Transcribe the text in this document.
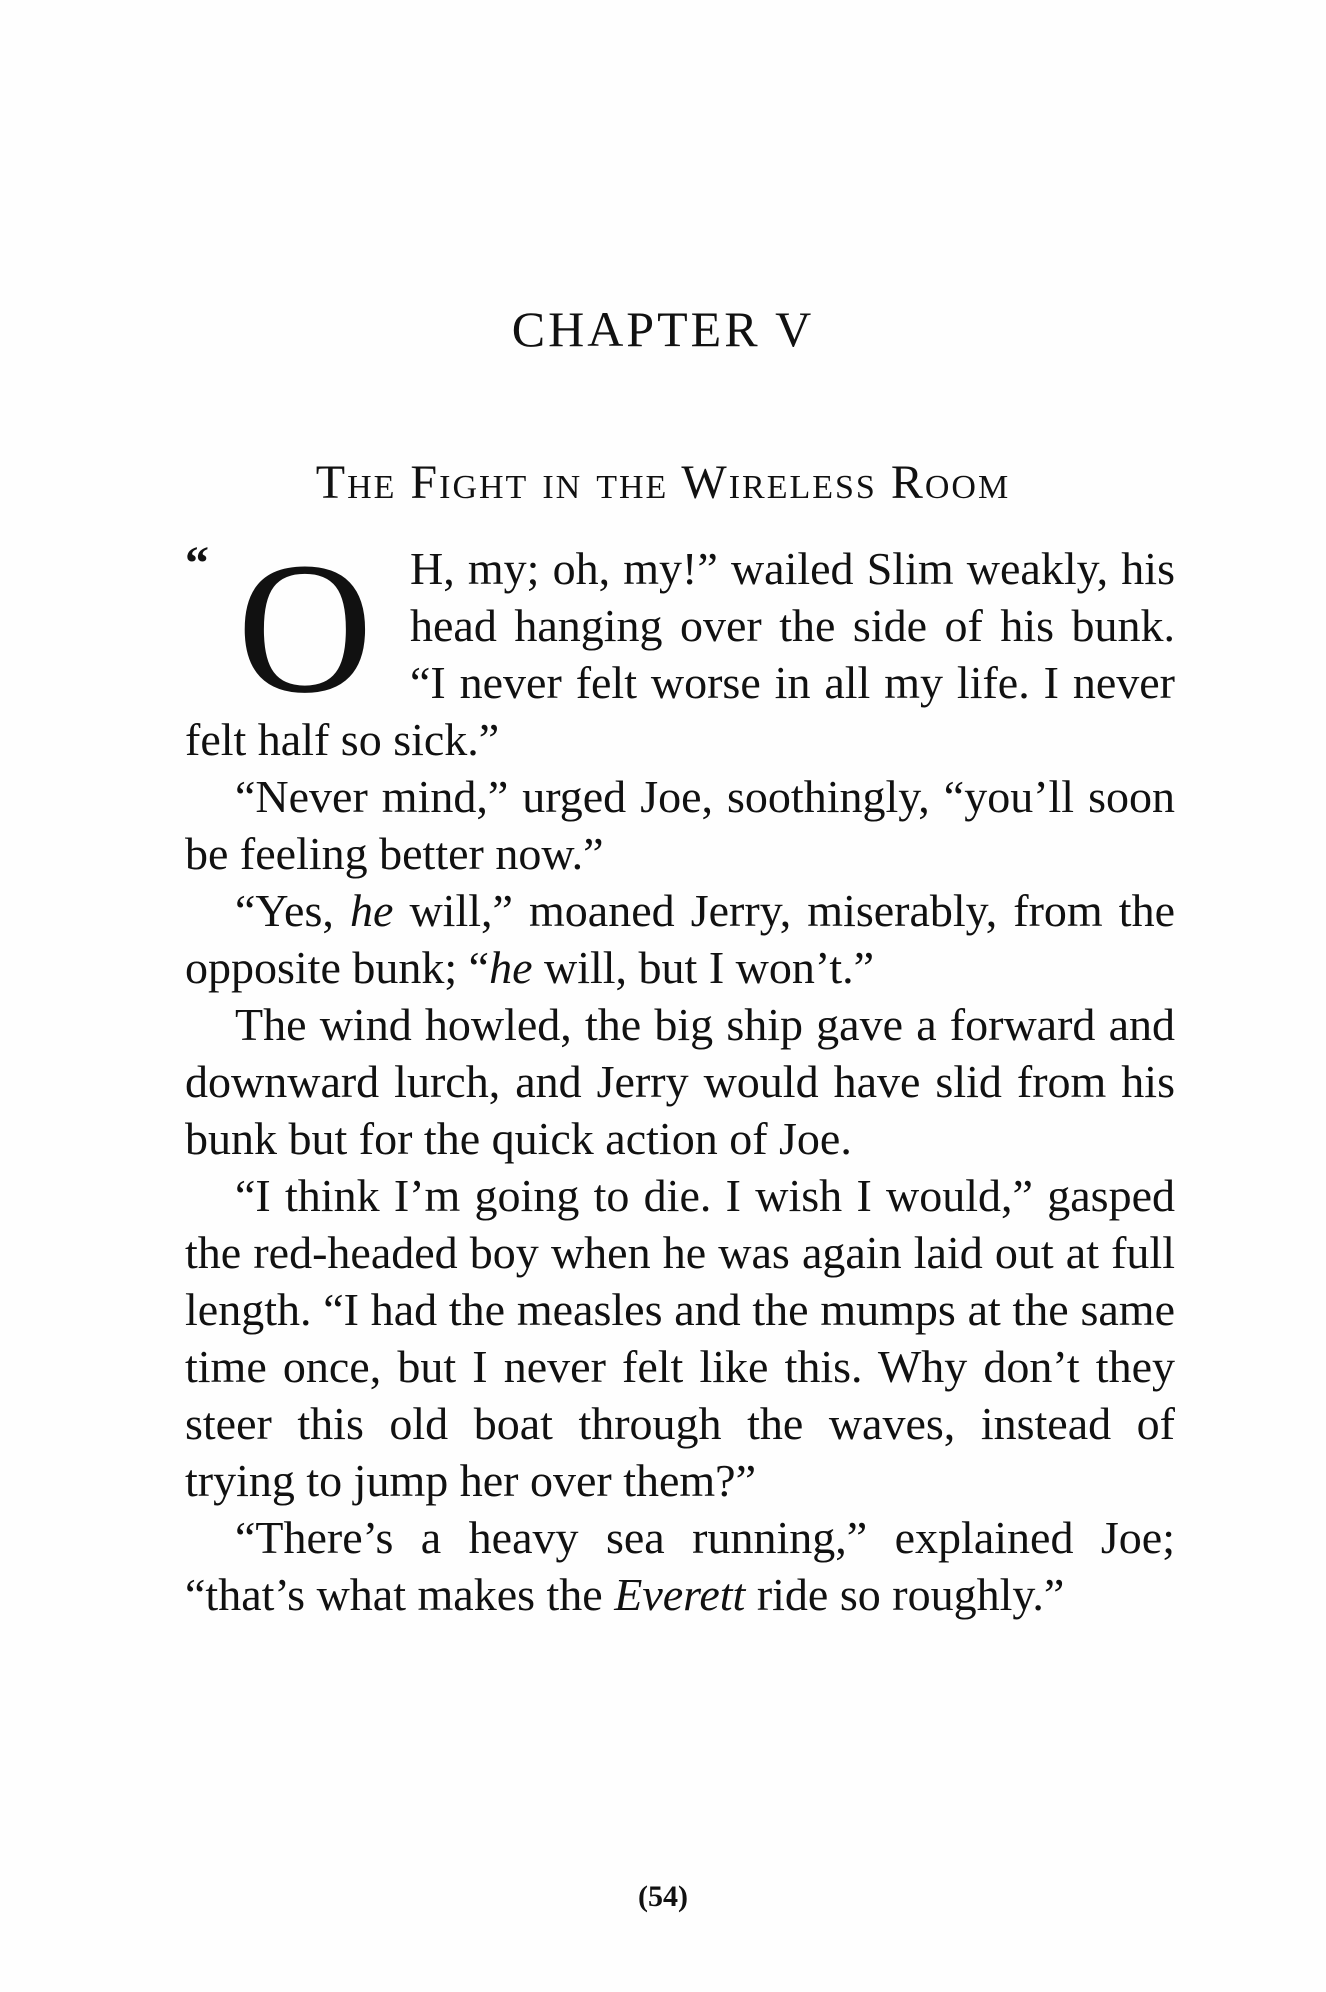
CHAPTER V
The Fight in the Wireless Room

“ O H, my; oh, my!” wailed Slim weakly, his head hanging over the side of his bunk. “I never felt worse in all my life. I never felt half so sick.”

“Never mind,” urged Joe, soothingly, “you’ll soon be feeling better now.”

“Yes, he will,” moaned Jerry, miserably, from the opposite bunk; “he will, but I won’t.”

The wind howled, the big ship gave a forward and downward lurch, and Jerry would have slid from his bunk but for the quick action of Joe.

“I think I’m going to die. I wish I would,” gasped the red-headed boy when he was again laid out at full length. “I had the measles and the mumps at the same time once, but I never felt like this. Why don’t they steer this old boat through the waves, instead of trying to jump her over them?”

“There’s a heavy sea running,” explained Joe; “that’s what makes the Everett ride so roughly.”

(54)
